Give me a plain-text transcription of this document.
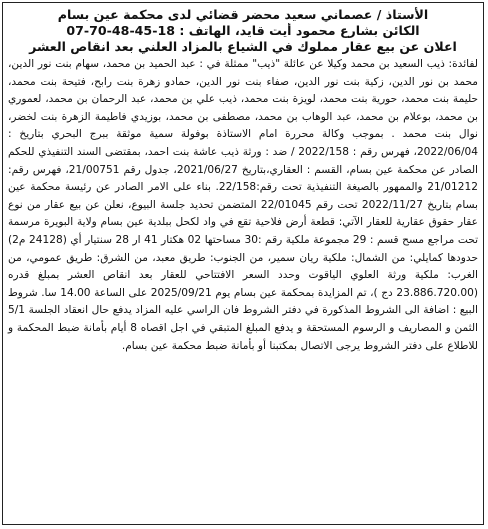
الأستاذ / عصماني سعيد محضر قضائي لدى محكمة عين بسام
الكائن بشارع محمود أيت قايد، الهاتف : 18-45-48-70-07
اعلان عن بيع عقار مملوك في الشياع بالمزاد العلني بعد انقاص العشر
لفائدة: ذيب السعيد بن محمد وكيلا عن عائلة "ذيب" ممثلة في : عبد الحميد بن محمد، سهام بنت نور الدين، محمد بن نور الدين، زكية بنت نور الدين، صفاء بنت نور الدين، حمادو زهرة بنت رابح، فتيحة بنت محمد، حليمة بنت محمد، حورية بنت محمد، لويزة بنت محمد، ذيب علي بن محمد، عبد الرحمان بن محمد، لعموري بن محمد، بوعلام بن محمد، عبد الوهاب بن محمد، مصطفى بن محمد، بوزيدي فاطيمة الزهرة بنت لخضر، نوال بنت محمد . بموجب وكالة محررة امام الاستاذة بوفولة سمية موثقة ببرج البحري بتاريخ : 2022/06/04، فهرس رقم : 2022/158 / ضد : ورثة ذيب عاشة بنت احمد، بمقتضى السند التنفيذي للحكم الصادر عن محكمة عين بسام، القسم : العقاري،بتاريخ 2021/06/27، جدول رقم 21/00751، فهرس رقم: 21/01212 والممهور بالصيغة التنفيذية تحت رقم:22/158. بناء على الامر الصادر عن رئيسة محكمة عين بسام بتاريخ 2022/11/27 تحت رقم 22/01045 المتضمن تحديد جلسة البيوع، نعلن عن بيع عقار من نوع عقار حقوق عقارية للعقار الآتي: قطعة أرض فلاحية تقع في واد لكحل ببلدية عين بسام ولاية البويرة مرسمة تحت مراجع مسح قسم : 29 مجموعة ملكية رقم :30 مساحتها 02 هكتار 41 ار 28 سنتيار أي (24128 م2) حدودها كمايلي: من الشمال: ملكية ريان سمير، من الجنوب: طريق معبد، من الشرق: طريق عمومي، من الغرب: ملكية ورثة العلوي الياقوت وحدد السعر الافتتاحي للعقار بعد انقاص العشر بمبلغ قدره (23.886.720.00 دج )، تم المزايدة بمحكمة عين بسام يوم 2025/09/21 على الساعة 14.00 سا. شروط البيع : اضافة الى الشروط المذكورة في دفتر الشروط فان الراسي عليه المزاد يدفع حال انعقاد الجلسة 5/1 الثمن و المصاريف و الرسوم المستحقة و يدفع المبلغ المتبقي في اجل اقصاه 8 أيام بأمانة ضبط المحكمة و للاطلاع على دفتر الشروط يرجى الاتصال بمكتبنا أو بأمانة ضبط محكمة عين بسام.
